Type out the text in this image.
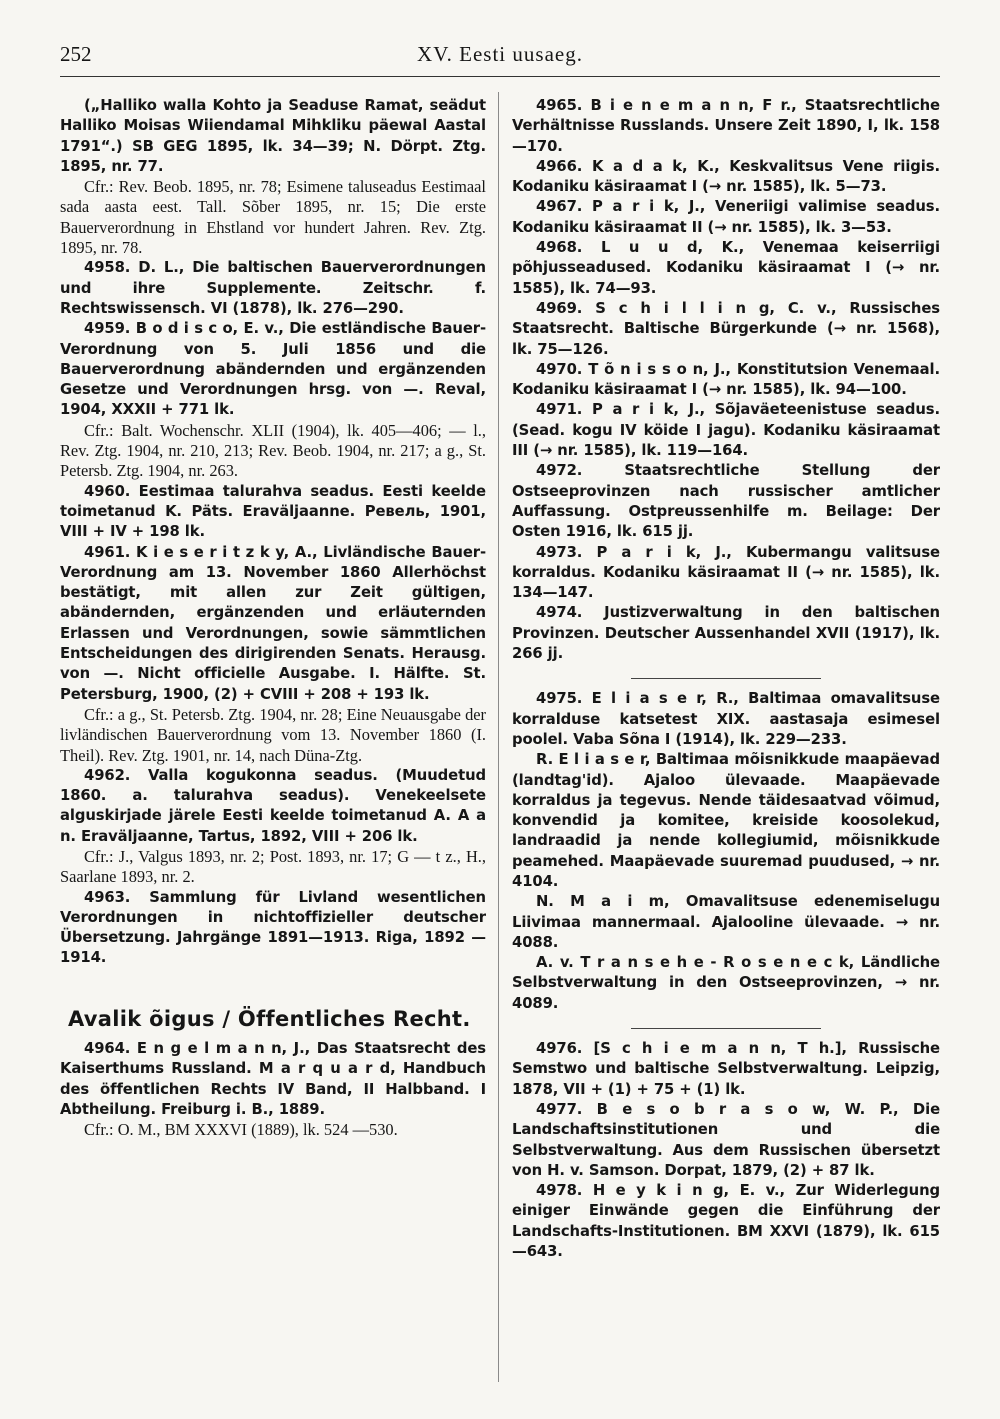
252	XV. Eesti uusaeg.

(„Halliko walla Kohto ja Seaduse Ramat, seädut Halliko Moisas Wiiendamal Mihkliku päewal Aastal 1791“.) SB GEG 1895, lk. 34—39; N. Dörpt. Ztg. 1895, nr. 77.

Cfr.: Rev. Beob. 1895, nr. 78; Esimene taluseadus Eestimaal sada aasta eest. Tall. Sõber 1895, nr. 15; Die erste Bauerverordnung in Ehstland vor hundert Jahren. Rev. Ztg. 1895, nr. 78.

4958. D. L., Die baltischen Bauerverordnungen und ihre Supplemente. Zeitschr. f. Rechtswissensch. VI (1878), lk. 276—290.

4959. B o d i s c o, E. v., Die estländische Bauer-Verordnung von 5. Juli 1856 und die Bauerverordnung abändernden und ergänzenden Gesetze und Verordnungen hrsg. von —. Reval, 1904, XXXII + 771 lk.

Cfr.: Balt. Wochenschr. XLII (1904), lk. 405—406; — l., Rev. Ztg. 1904, nr. 210, 213; Rev. Beob. 1904, nr. 217; a g., St. Petersb. Ztg. 1904, nr. 263.

4960. Eestimaa talurahva seadus. Eesti keelde toimetanud K. Päts. Eraväljaanne. Ревель, 1901, VIII + IV + 198 lk.

4961. K i e s e r i t z k y, A., Livländische Bauer-Verordnung am 13. November 1860 Allerhöchst bestätigt, mit allen zur Zeit gültigen, abändernden, ergänzenden und erläuternden Erlassen und Verordnungen, sowie sämmtlichen Entscheidungen des dirigirenden Senats. Herausg. von —. Nicht officielle Ausgabe. I. Hälfte. St. Petersburg, 1900, (2) + CVIII + 208 + 193 lk.

Cfr.: a g., St. Petersb. Ztg. 1904, nr. 28; Eine Neuausgabe der livländischen Bauerverordnung vom 13. November 1860 (I. Theil). Rev. Ztg. 1901, nr. 14, nach Düna-Ztg.

4962. Valla kogukonna seadus. (Muudetud 1860. a. talurahva seadus). Venekeelsete alguskirjade järele Eesti keelde toimetanud A. A a n. Eraväljaanne, Tartus, 1892, VIII + 206 lk.

Cfr.: J., Valgus 1893, nr. 2; Post. 1893, nr. 17; G — t z., H., Saarlane 1893, nr. 2.

4963. Sammlung für Livland wesentlichen Verordnungen in nichtoffizieller deutscher Übersetzung. Jahrgänge 1891—1913. Riga, 1892 —1914.

Avalik õigus / Öffentliches Recht.

4964. E n g e l m a n n, J., Das Staatsrecht des Kaiserthums Russland. M a r q u a r d, Handbuch des öffentlichen Rechts IV Band, II Halbband. I Abtheilung. Freiburg i. B., 1889.

Cfr.: O. M., BM XXXVI (1889), lk. 524 —530.

4965. B i e n e m a n n, F r., Staatsrechtliche Verhältnisse Russlands. Unsere Zeit 1890, I, lk. 158—170.

4966. K a d a k, K., Keskvalitsus Vene riigis. Kodaniku käsiraamat I (→ nr. 1585), lk. 5—73.

4967. P a r i k, J., Veneriigi valimise seadus. Kodaniku käsiraamat II (→ nr. 1585), lk. 3—53.

4968. L u u d, K., Venemaa keiserriigi põhjusseadused. Kodaniku käsiraamat I (→ nr. 1585), lk. 74—93.

4969. S c h i l l i n g, C. v., Russisches Staatsrecht. Baltische Bürgerkunde (→ nr. 1568), lk. 75—126.

4970. T õ n i s s o n, J., Konstitutsion Venemaal. Kodaniku käsiraamat I (→ nr. 1585), lk. 94—100.

4971. P a r i k, J., Sõjaväeteenistuse seadus. (Sead. kogu IV köide I jagu). Kodaniku käsiraamat III (→ nr. 1585), lk. 119—164.

4972. Staatsrechtliche Stellung der Ostseeprovinzen nach russischer amtlicher Auffassung. Ostpreussenhilfe m. Beilage: Der Osten 1916, lk. 615 jj.

4973. P a r i k, J., Kubermangu valitsuse korraldus. Kodaniku käsiraamat II (→ nr. 1585), lk. 134—147.

4974. Justizverwaltung in den baltischen Provinzen. Deutscher Aussenhandel XVII (1917), lk. 266 jj.

4975. E l i a s e r, R., Baltimaa omavalitsuse korralduse katsetest XIX. aastasaja esimesel poolel. Vaba Sõna I (1914), lk. 229—233.

R. E l i a s e r, Baltimaa mõisnikkude maapäevad (landtag'id). Ajaloo ülevaade. Maapäevade korraldus ja tegevus. Nende täidesaatvad võimud, konvendid ja komitee, kreiside koosolekud, landraadid ja nende kollegiumid, mõisnikkude peamehed. Maapäevade suuremad puudused, → nr. 4104.

N. M a i m, Omavalitsuse edenemiselugu Liivimaa mannermaal. Ajalooline ülevaade. → nr. 4088.

A. v. T r a n s e h e - R o s e n e c k, Ländliche Selbstverwaltung in den Ostseeprovinzen, → nr. 4089.

4976. [S c h i e m a n n, T h.], Russische Semstwo und baltische Selbstverwaltung. Leipzig, 1878, VII + (1) + 75 + (1) lk.

4977. B e s o b r a s o w, W. P., Die Landschaftsinstitutionen und die Selbstverwaltung. Aus dem Russischen übersetzt von H. v. Samson. Dorpat, 1879, (2) + 87 lk.

4978. H e y k i n g, E. v., Zur Widerlegung einiger Einwände gegen die Einführung der Landschafts-Institutionen. BM XXVI (1879), lk. 615—643.
